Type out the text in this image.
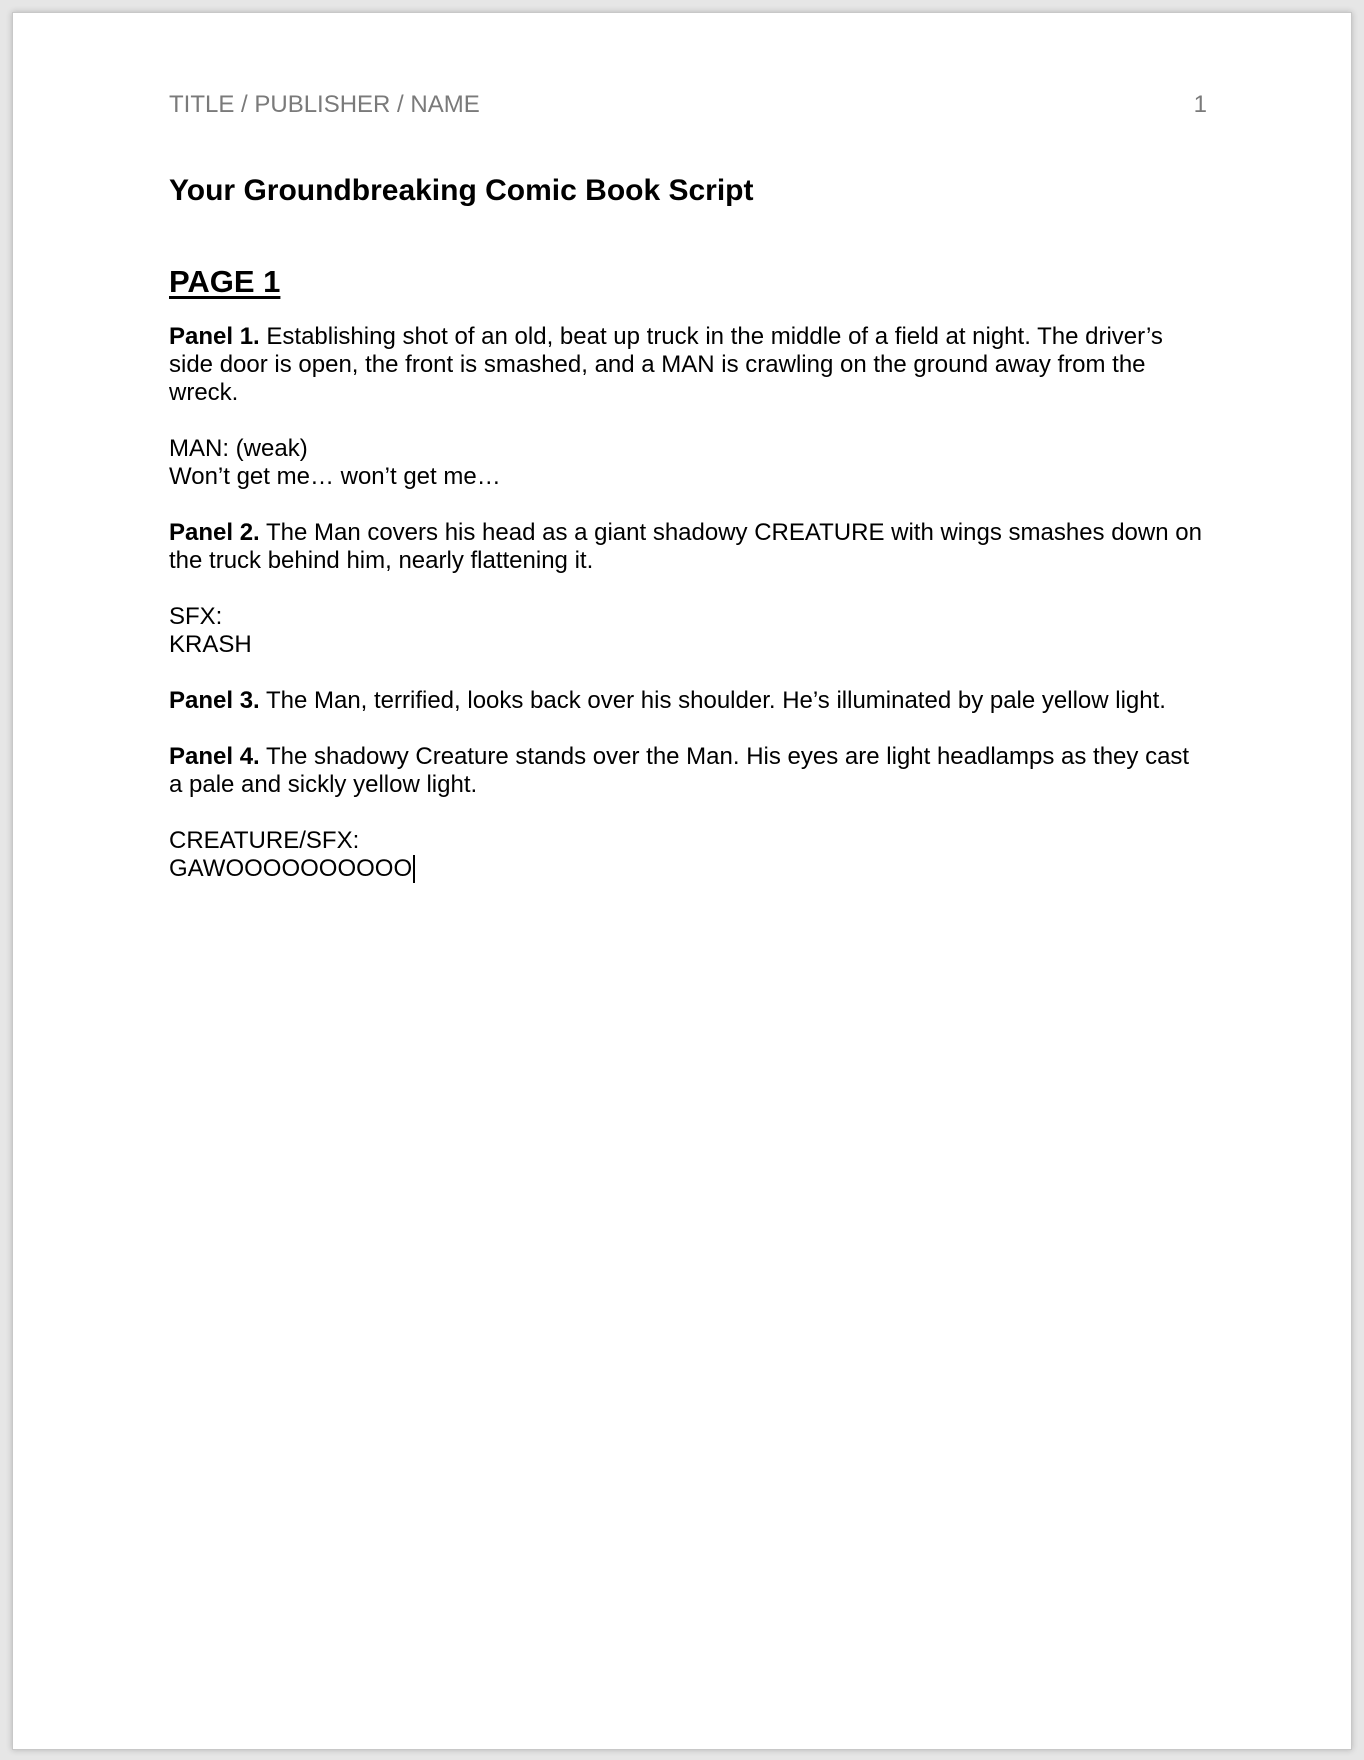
TITLE / PUBLISHER / NAME	1
Your Groundbreaking Comic Book Script
PAGE 1

Panel 1. Establishing shot of an old, beat up truck in the middle of a field at night. The driver’s side door is open, the front is smashed, and a MAN is crawling on the ground away from the wreck.

MAN: (weak)
Won’t get me… won’t get me…

Panel 2. The Man covers his head as a giant shadowy CREATURE with wings smashes down on the truck behind him, nearly flattening it.

SFX:
KRASH

Panel 3. The Man, terrified, looks back over his shoulder. He’s illuminated by pale yellow light.

Panel 4. The shadowy Creature stands over the Man. His eyes are light headlamps as they cast a pale and sickly yellow light.

CREATURE/SFX:
GAWOOOOOOOOOO
